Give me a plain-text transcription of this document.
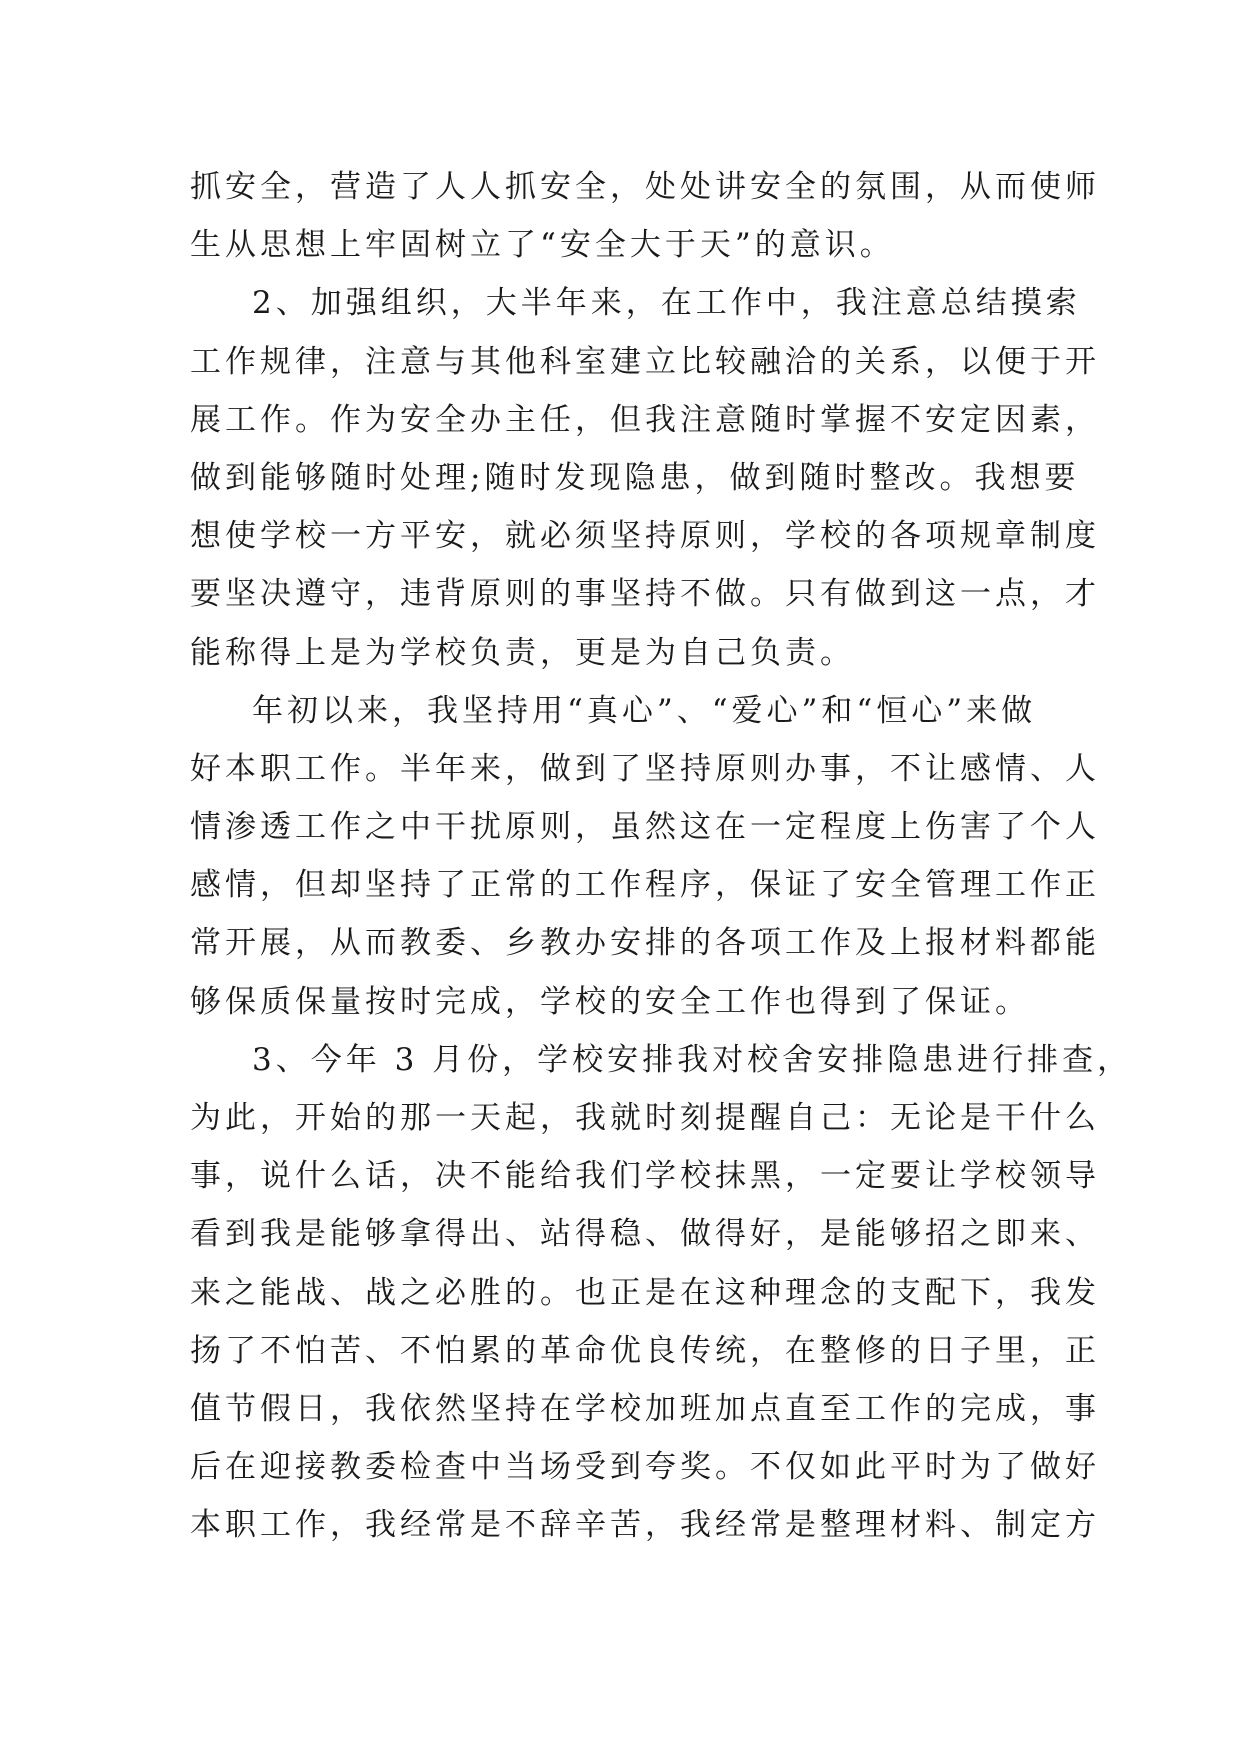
抓安全，营造了人人抓安全，处处讲安全的氛围，从而使师
生从思想上牢固树立了“安全大于天”的意识。
2、加强组织，大半年来，在工作中，我注意总结摸索
工作规律，注意与其他科室建立比较融洽的关系，以便于开
展工作。作为安全办主任，但我注意随时掌握不安定因素，
做到能够随时处理;随时发现隐患，做到随时整改。我想要
想使学校一方平安，就必须坚持原则，学校的各项规章制度
要坚决遵守，违背原则的事坚持不做。只有做到这一点，才
能称得上是为学校负责，更是为自己负责。
年初以来，我坚持用“真心”、“爱心”和“恒心”来做
好本职工作。半年来，做到了坚持原则办事，不让感情、人
情渗透工作之中干扰原则，虽然这在一定程度上伤害了个人
感情，但却坚持了正常的工作程序，保证了安全管理工作正
常开展，从而教委、乡教办安排的各项工作及上报材料都能
够保质保量按时完成，学校的安全工作也得到了保证。
3、今年 3 月份，学校安排我对校舍安排隐患进行排查，
为此，开始的那一天起，我就时刻提醒自己：无论是干什么
事，说什么话，决不能给我们学校抹黑，一定要让学校领导
看到我是能够拿得出、站得稳、做得好，是能够招之即来、
来之能战、战之必胜的。也正是在这种理念的支配下，我发
扬了不怕苦、不怕累的革命优良传统，在整修的日子里，正
值节假日，我依然坚持在学校加班加点直至工作的完成，事
后在迎接教委检查中当场受到夸奖。不仅如此平时为了做好
本职工作，我经常是不辞辛苦，我经常是整理材料、制定方
